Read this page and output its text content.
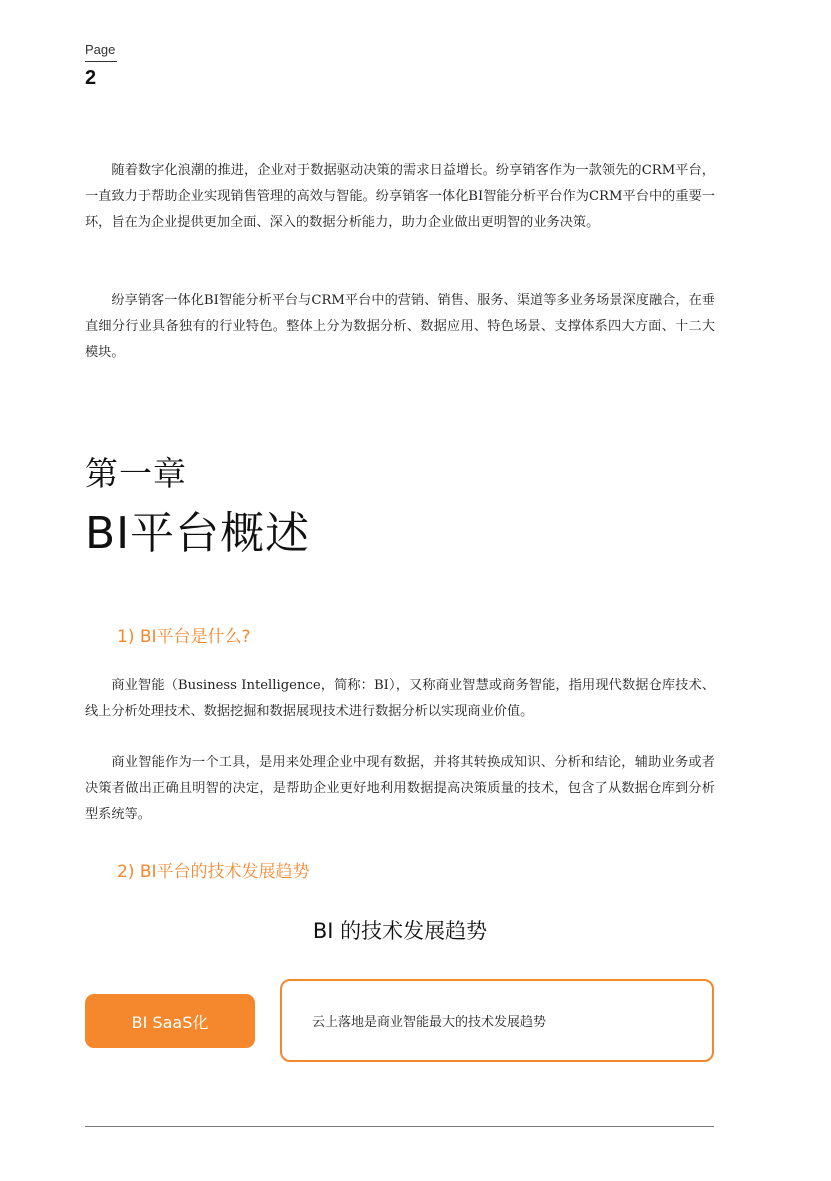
Page
2

随着数字化浪潮的推进，企业对于数据驱动决策的需求日益增长。纷享销客作为一款领先的CRM平台，一直致力于帮助企业实现销售管理的高效与智能。纷享销客一体化BI智能分析平台作为CRM平台中的重要一环，旨在为企业提供更加全面、深入的数据分析能力，助力企业做出更明智的业务决策。

纷享销客一体化BI智能分析平台与CRM平台中的营销、销售、服务、渠道等多业务场景深度融合，在垂直细分行业具备独有的行业特色。整体上分为数据分析、数据应用、特色场景、支撑体系四大方面、十二大模块。

第一章
BI平台概述
1) BI平台是什么?

商业智能（Business Intelligence，简称：BI），又称商业智慧或商务智能，指用现代数据仓库技术、线上分析处理技术、数据挖掘和数据展现技术进行数据分析以实现商业价值。

商业智能作为一个工具，是用来处理企业中现有数据，并将其转换成知识、分析和结论，辅助业务或者决策者做出正确且明智的决定，是帮助企业更好地利用数据提高决策质量的技术，包含了从数据仓库到分析型系统等。

2) BI平台的技术发展趋势
BI 的技术发展趋势
BI SaaS化	云上落地是商业智能最大的技术发展趋势
